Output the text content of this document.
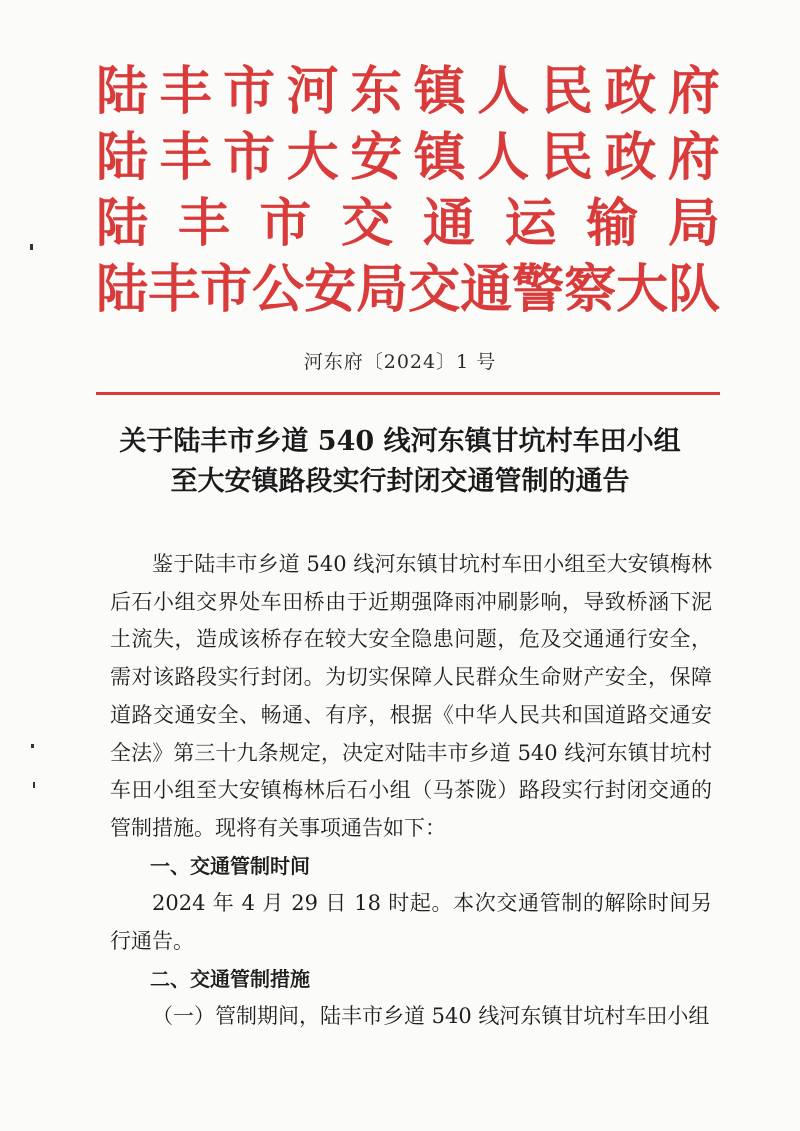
陆 丰 市 河 东 镇 人 民 政 府
陆 丰 市 大 安 镇 人 民 政 府
陆 丰 市 交 通 运 输 局
陆 丰 市 公 安 局 交 通 警 察 大 队
河东府〔2024〕1 号
关于陆丰市乡道 540 线河东镇甘坑村车田小组
至大安镇路段实行封闭交通管制的通告

鉴于陆丰市乡道 540 线河东镇甘坑村车田小组至大安镇梅林后石小组交界处车田桥由于近期强降雨冲刷影响，导致桥涵下泥土流失，造成该桥存在较大安全隐患问题，危及交通通行安全，需对该路段实行封闭。为切实保障人民群众生命财产安全，保障道路交通安全、畅通、有序，根据《中华人民共和国道路交通安全法》第三十九条规定，决定对陆丰市乡道 540 线河东镇甘坑村车田小组至大安镇梅林后石小组（马茶陇）路段实行封闭交通的管制措施。现将有关事项通告如下：

一、交通管制时间

2024 年 4 月 29 日 18 时起。本次交通管制的解除时间另行通告。

二、交通管制措施

（一）管制期间，陆丰市乡道 540 线河东镇甘坑村车田小组
